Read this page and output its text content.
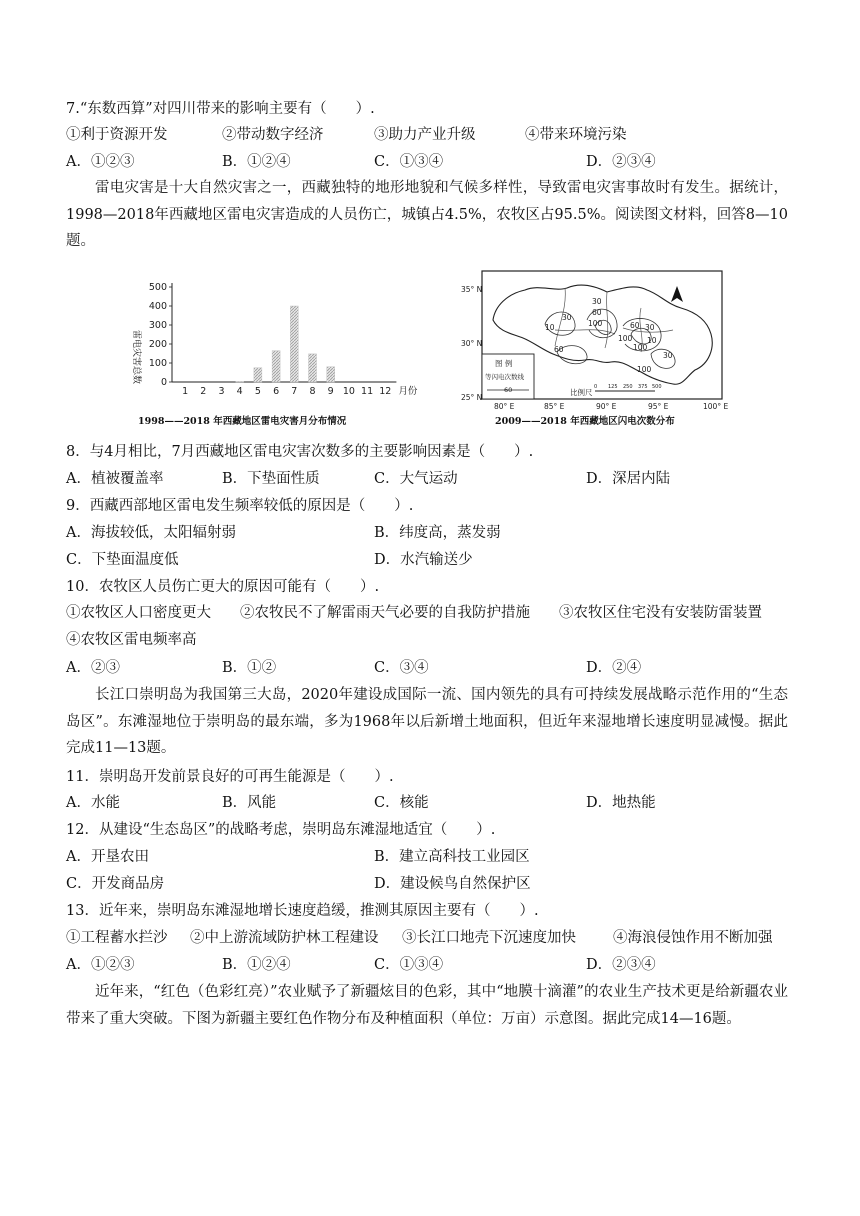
7.“东数西算”对四川带来的影响主要有（　　）.
①利于资源开发	②带动数字经济	③助力产业升级	④带来环境污染
A．①②③	B．①②④	C．①③④	D．②③④
雷电灾害是十大自然灾害之一，西藏独特的地形地貌和气候多样性，导致雷电灾害事故时有发生。据统计，1998—2018年西藏地区雷电灾害造成的人员伤亡，城镇占4.5%，农牧区占95.5%。阅读图文材料，回答8—10题。
雷电灾害总数 0
100
200
300
400
500
1 2 3 4 5 6 7 8 9 10 11 12 月份
1998——2018 年西藏地区雷电灾害月分布情况
35° N
30° N
25° N
30
60
100
30
10	60
100
30
10
60	100
30
100
图 例
等闪电次数线
60	比例尺
0 125 250 375 500
80° E	85° E	90° E	95° E	100° E
2009——2018 年西藏地区闪电次数分布
8．与4月相比，7月西藏地区雷电灾害次数多的主要影响因素是（　　）.
A．植被覆盖率	B．下垫面性质	C．大气运动	D．深居内陆
9．西藏西部地区雷电发生频率较低的原因是（　　）.
A．海拔较低，太阳辐射弱	B．纬度高，蒸发弱
C．下垫面温度低	D．水汽输送少
10．农牧区人员伤亡更大的原因可能有（　　）.
①农牧区人口密度更大　　②农牧民不了解雷雨天气必要的自我防护措施　　③农牧区住宅没有安装防雷装置　④农牧区雷电频率高
A．②③	B．①②	C．③④	D．②④
长江口崇明岛为我国第三大岛，2020年建设成国际一流、国内领先的具有可持续发展战略示范作用的“生态岛区”。东滩湿地位于崇明岛的最东端，多为1968年以后新增土地面积，但近年来湿地增长速度明显减慢。据此完成11—13题。
11．崇明岛开发前景良好的可再生能源是（　　）.
A．水能	B．风能	C．核能	D．地热能
12．从建设“生态岛区”的战略考虑，崇明岛东滩湿地适宜（　　）.
A．开垦农田	B．建立高科技工业园区
C．开发商品房	D．建设候鸟自然保护区
13．近年来，崇明岛东滩湿地增长速度趋缓，推测其原因主要有（　　）.
①工程蓄水拦沙 ②中上游流域防护林工程建设 ③长江口地壳下沉速度加快	④海浪侵蚀作用不断加强
A．①②③	B．①②④	C．①③④	D．②③④
近年来，“红色（色彩红亮）”农业赋予了新疆炫目的色彩，其中“地膜十滴灌”的农业生产技术更是给新疆农业带来了重大突破。下图为新疆主要红色作物分布及种植面积（单位：万亩）示意图。据此完成14—16题。
